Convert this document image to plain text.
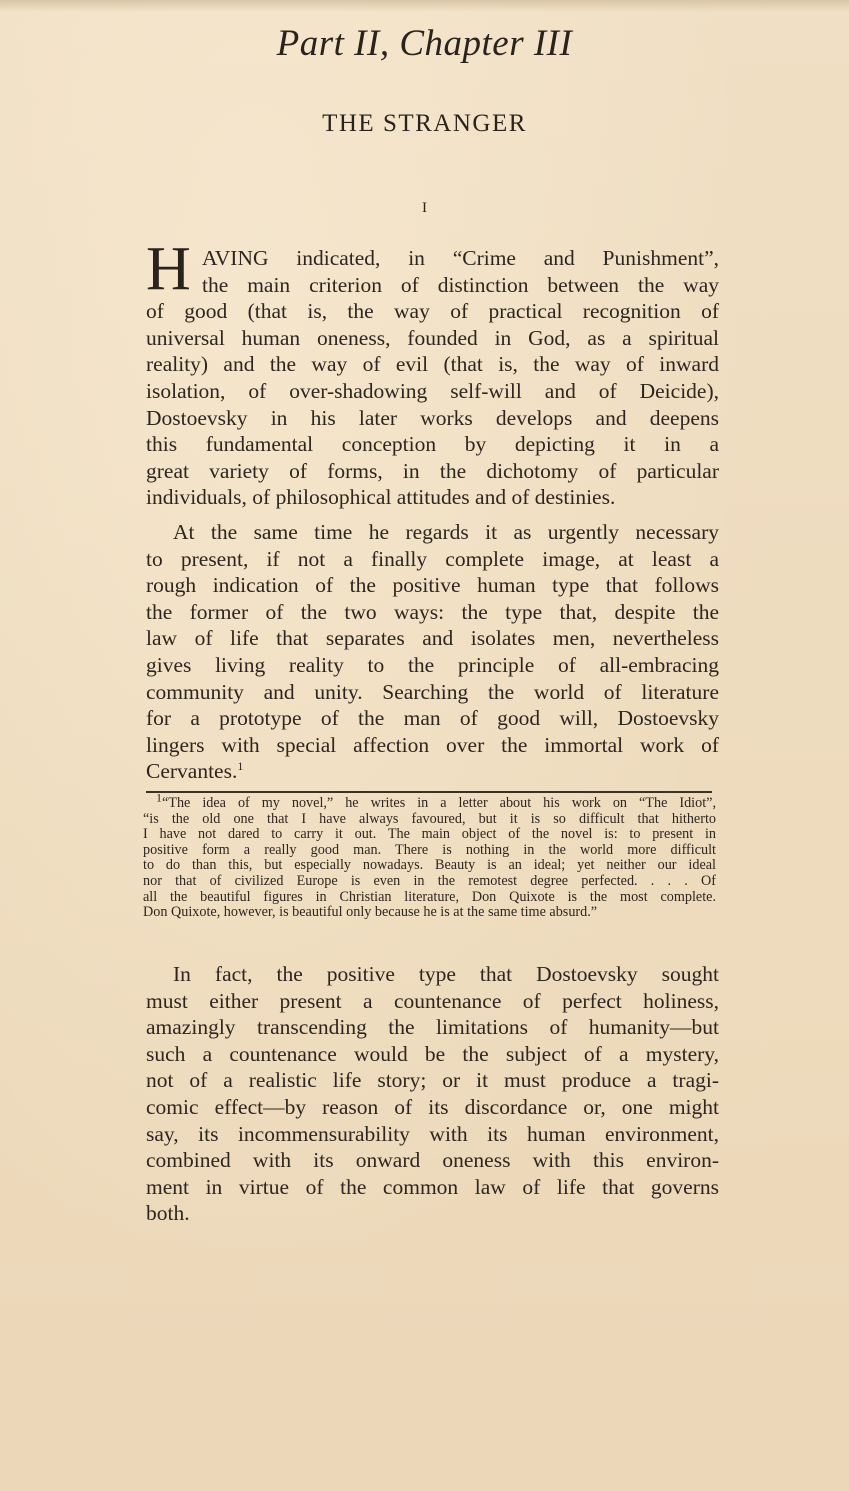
Part II, Chapter III
THE STRANGER
I
H AVING indicated, in “Crime and Punishment”,
the main criterion of distinction between the way
of good (that is, the way of practical recognition of
universal human oneness, founded in God, as a spiritual
reality) and the way of evil (that is, the way of inward
isolation, of over-shadowing self-will and of Deicide),
Dostoevsky in his later works develops and deepens
this fundamental conception by depicting it in a
great variety of forms, in the dichotomy of particular
individuals, of philosophical attitudes and of destinies.
At the same time he regards it as urgently necessary
to present, if not a finally complete image, at least a
rough indication of the positive human type that follows
the former of the two ways: the type that, despite the
law of life that separates and isolates men, nevertheless
gives living reality to the principle of all-embracing
community and unity. Searching the world of literature
for a prototype of the man of good will, Dostoevsky
lingers with special affection over the immortal work of
Cervantes.$^1$
$^1$“The idea of my novel,” he writes in a letter about his work on “The Idiot”,
“is the old one that I have always favoured, but it is so difficult that hitherto
I have not dared to carry it out. The main object of the novel is: to present in
positive form a really good man. There is nothing in the world more difficult
to do than this, but especially nowadays. Beauty is an ideal; yet neither our ideal
nor that of civilized Europe is even in the remotest degree perfected. . . . Of
all the beautiful figures in Christian literature, Don Quixote is the most complete.
Don Quixote, however, is beautiful only because he is at the same time absurd.”
In fact, the positive type that Dostoevsky sought
must either present a countenance of perfect holiness,
amazingly transcending the limitations of humanity—but
such a countenance would be the subject of a mystery,
not of a realistic life story; or it must produce a tragi-
comic effect—by reason of its discordance or, one might
say, its incommensurability with its human environment,
combined with its onward oneness with this environ-
ment in virtue of the common law of life that governs
both.
